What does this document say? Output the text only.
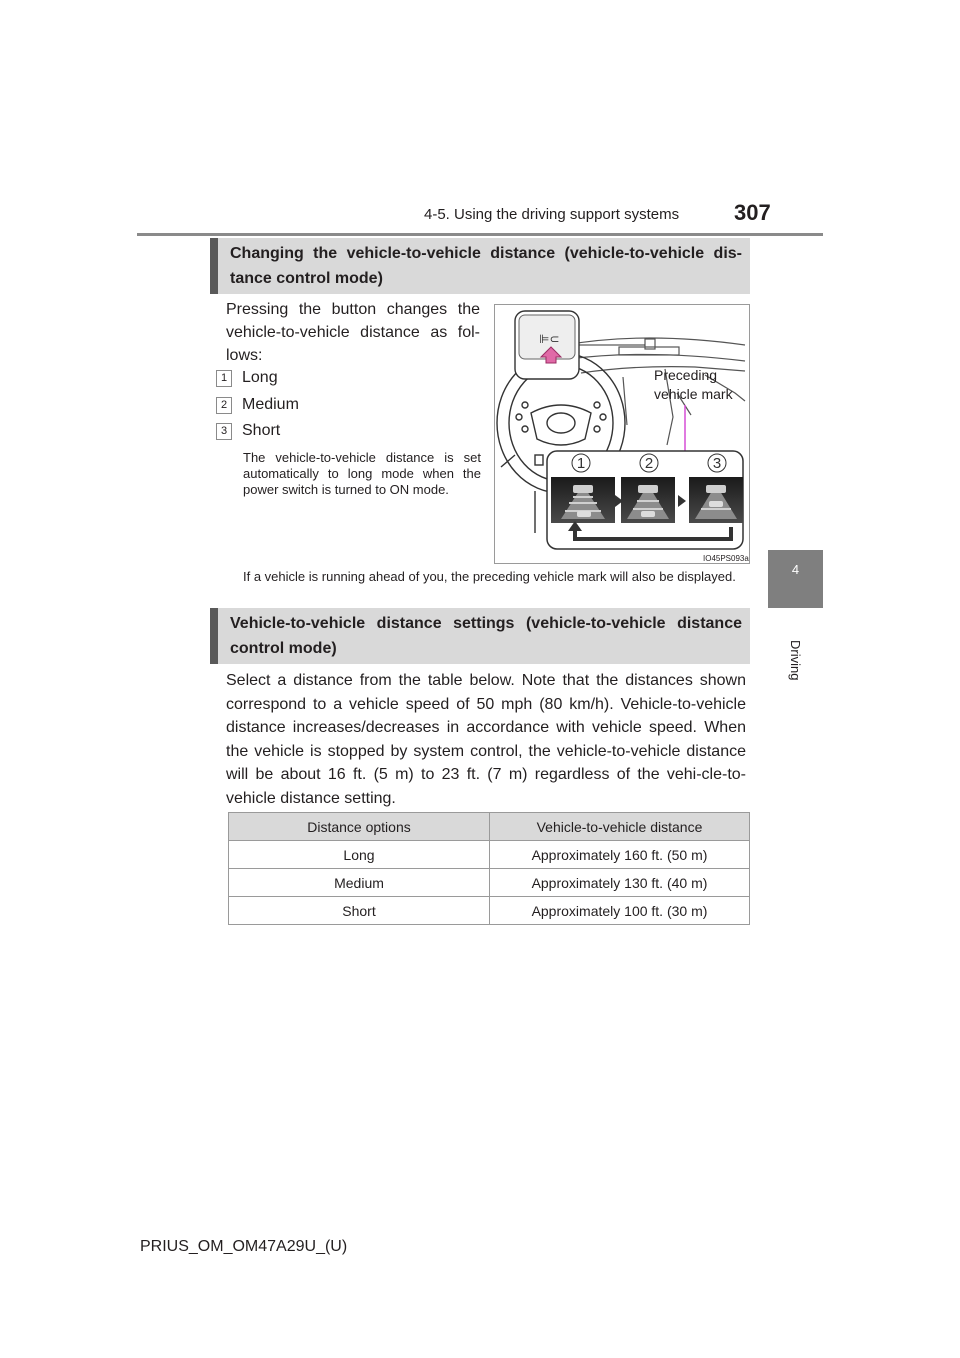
4-5. Using the driving support systems 307
4
Driving
Changing the vehicle-to-vehicle distance (vehicle-to-vehicle dis-tance control mode)
Pressing the button changes the vehicle-to-vehicle distance as fol-lows:
1 Long
2 Medium
3 Short
The vehicle-to-vehicle distance is set automatically to long mode when the power switch is turned to ON mode.
⊫⊂
1	2	3
IO45PS093a
Preceding vehicle mark
If a vehicle is running ahead of you, the preceding vehicle mark will also be displayed.
Vehicle-to-vehicle distance settings (vehicle-to-vehicle distance control mode)
Select a distance from the table below. Note that the distances shown correspond to a vehicle speed of 50 mph (80 km/h). Vehicle-to-vehicle distance increases/decreases in accordance with vehicle speed. When the vehicle is stopped by system control, the vehicle-to-vehicle distance will be about 16 ft. (5 m) to 23 ft. (7 m) regardless of the vehi-cle-to-vehicle distance setting.
Distance options	Vehicle-to-vehicle distance
Long	Approximately 160 ft. (50 m)
Medium	Approximately 130 ft. (40 m)
Short	Approximately 100 ft. (30 m)
PRIUS_OM_OM47A29U_(U)
